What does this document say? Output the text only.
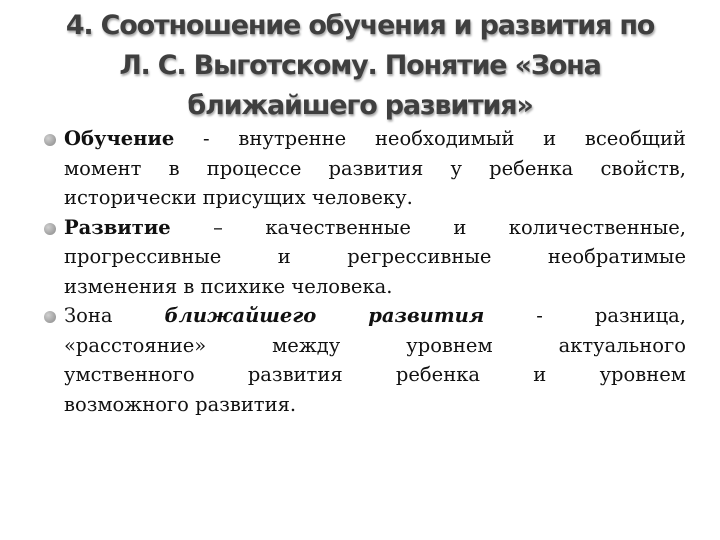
4. Соотношение обучения и развития по
Л. С. Выготскому. Понятие «Зона
ближайшего развития»
Обучение - внутренне необходимый и всеобщий
момент в процессе развития у ребенка свойств,
исторически присущих человеку.
Развитие – качественные и количественные,
прогрессивные	и	регрессивные	необратимые
изменения в психике человека.
Зона	ближайшего	развития	-	разница,
«расстояние»	между	уровнем	актуального
умственного	развития	ребенка	и	уровнем
возможного развития.
